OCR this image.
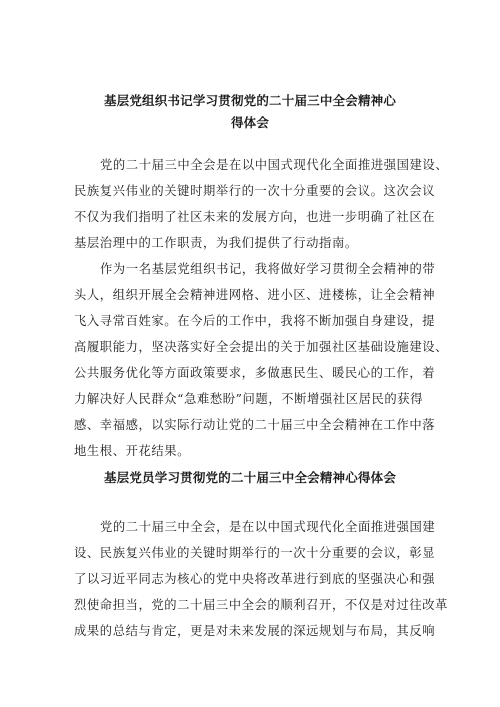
基层党组织书记学习贯彻党的二十届三中全会精神心
得体会
党的二十届三中全会是在以中国式现代化全面推进强国建设、
民族复兴伟业的关键时期举行的一次十分重要的会议。这次会议
不仅为我们指明了社区未来的发展方向，也进一步明确了社区在
基层治理中的工作职责，为我们提供了行动指南。
作为一名基层党组织书记，我将做好学习贯彻全会精神的带
头人，组织开展全会精神进网格、进小区、进楼栋，让全会精神
飞入寻常百姓家。在今后的工作中，我将不断加强自身建设，提
高履职能力，坚决落实好全会提出的关于加强社区基础设施建设、
公共服务优化等方面政策要求，多做惠民生、暖民心的工作，着
力解决好人民群众“急难愁盼”问题，不断增强社区居民的获得
感、幸福感，以实际行动让党的二十届三中全会精神在工作中落
地生根、开花结果。
基层党员学习贯彻党的二十届三中全会精神心得体会
党的二十届三中全会，是在以中国式现代化全面推进强国建
设、民族复兴伟业的关键时期举行的一次十分重要的会议，彰显
了以习近平同志为核心的党中央将改革进行到底的坚强决心和强
烈使命担当，党的二十届三中全会的顺利召开，不仅是对过往改革
成果的总结与肯定，更是对未来发展的深远规划与布局，其反响
